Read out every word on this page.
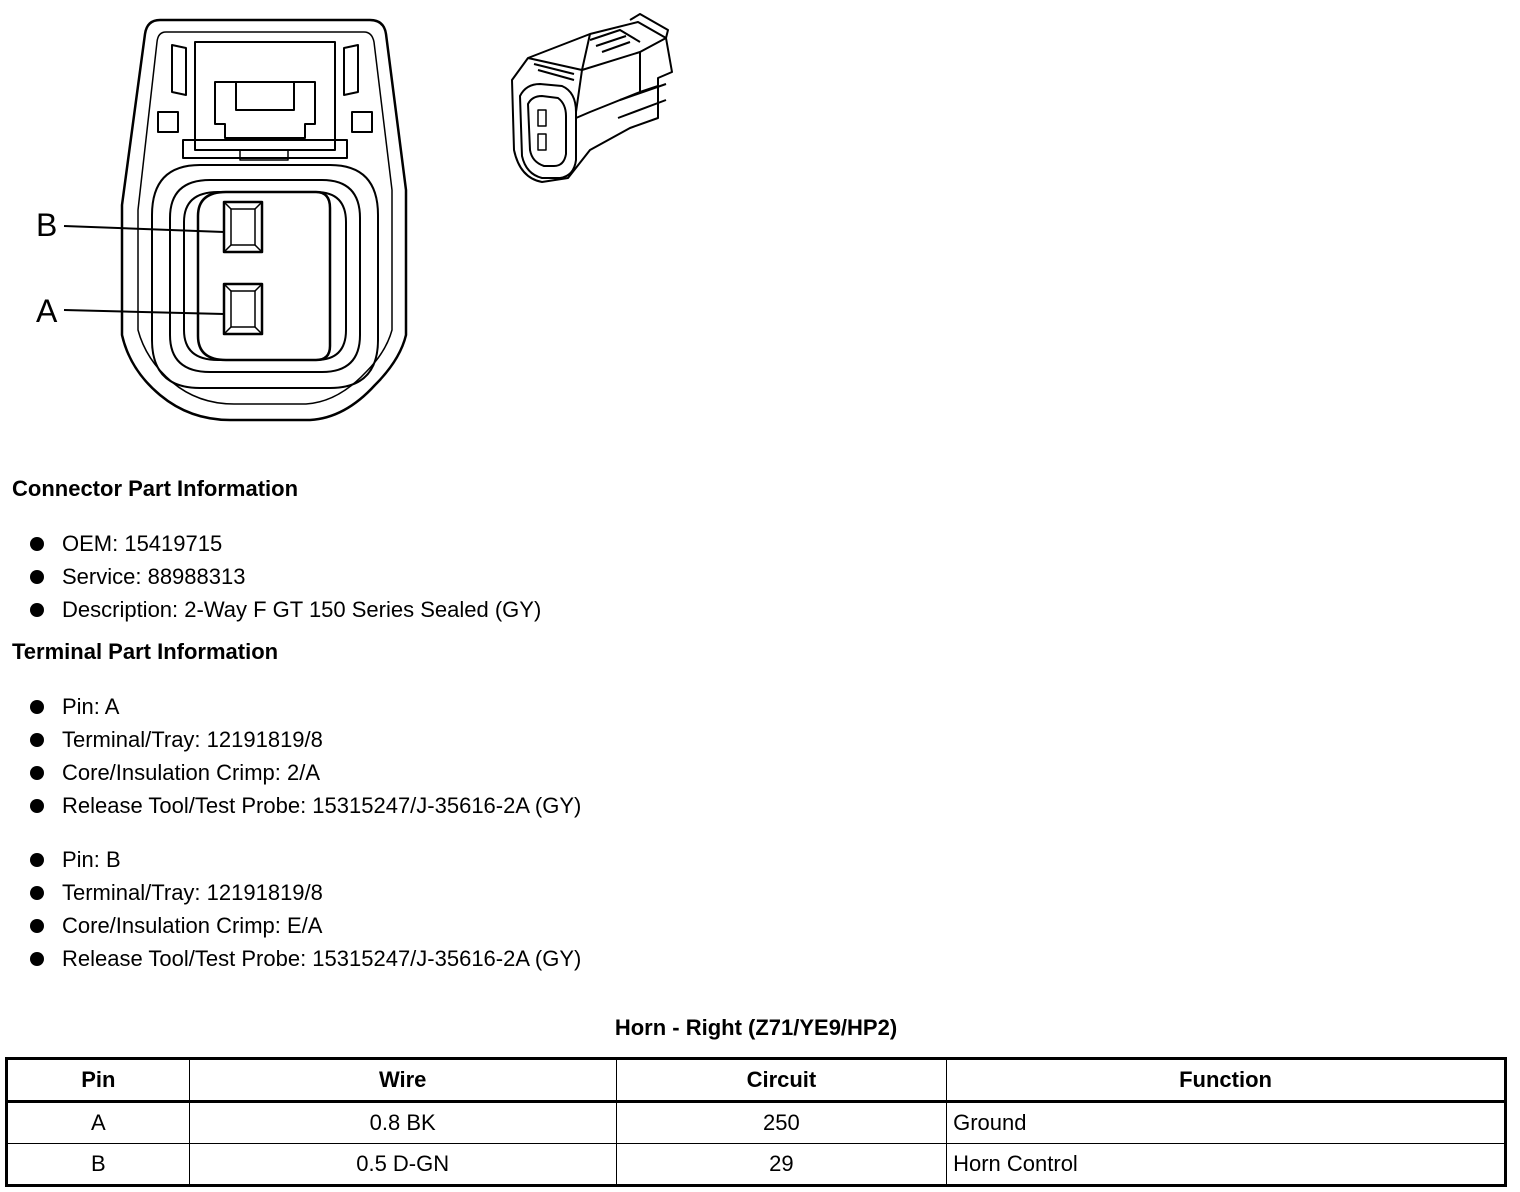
B
A
Connector Part Information
OEM: 15419715
Service: 88988313
Description: 2-Way F GT 150 Series Sealed (GY)
Terminal Part Information
Pin: A
Terminal/Tray: 12191819/8
Core/Insulation Crimp: 2/A
Release Tool/Test Probe: 15315247/J-35616-2A (GY)
Pin: B
Terminal/Tray: 12191819/8
Core/Insulation Crimp: E/A
Release Tool/Test Probe: 15315247/J-35616-2A (GY)
Horn - Right (Z71/YE9/HP2)
Pin	Wire	Circuit	Function
A	0.8 BK	250	Ground
B	0.5 D-GN	29	Horn Control
